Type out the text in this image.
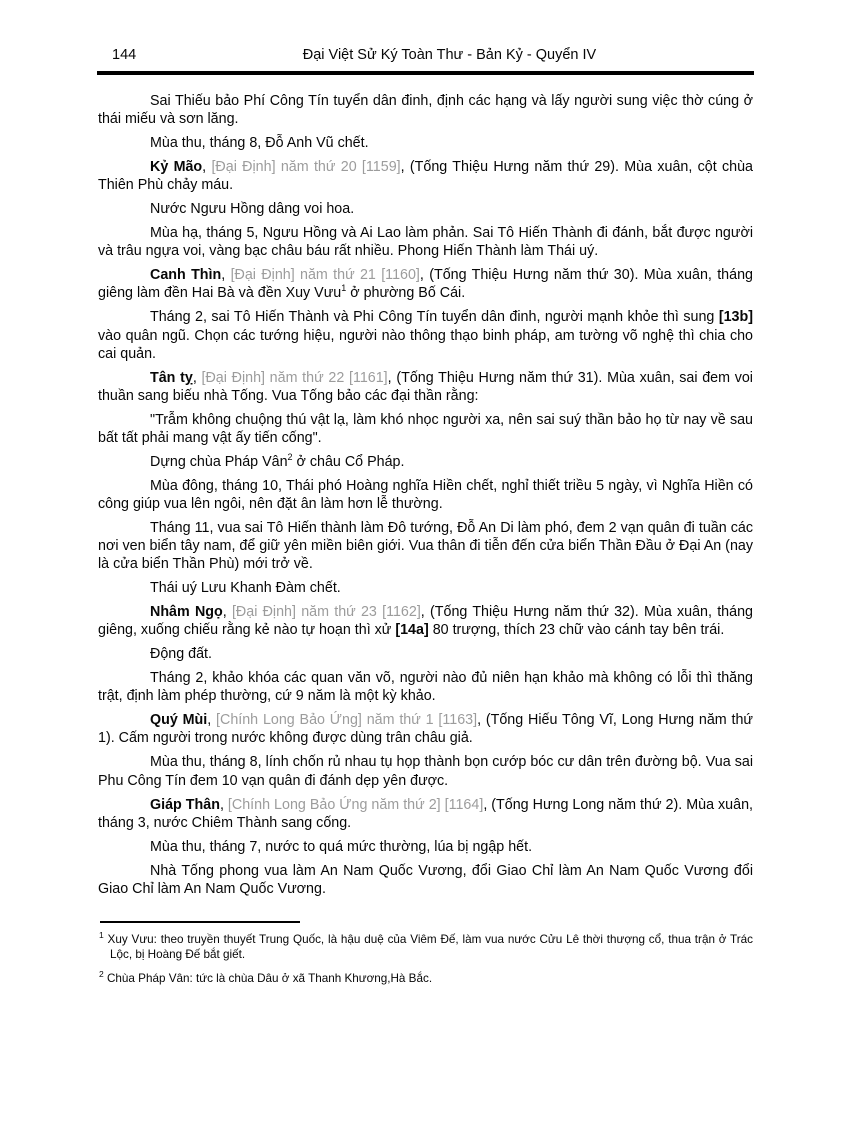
144	Đại Việt Sử Ký Toàn Thư - Bản Kỷ - Quyển IV

Sai Thiếu bảo Phí Công Tín tuyển dân đinh, định các hạng và lấy người sung việc thờ cúng ở thái miếu và sơn lăng.

Mùa thu, tháng 8, Đỗ Anh Vũ chết.

Kỷ Mão, [Đại Định] năm thứ 20 [1159], (Tống Thiệu Hưng năm thứ 29). Mùa xuân, cột chùa Thiên Phù chảy máu.

Nước Ngưu Hồng dâng voi hoa.

Mùa hạ, tháng 5, Ngưu Hồng và Ai Lao làm phản. Sai Tô Hiến Thành đi đánh, bắt được người và trâu ngựa voi, vàng bạc châu báu rất nhiều. Phong Hiến Thành làm Thái uý.

Canh Thìn, [Đại Định] năm thứ 21 [1160], (Tống Thiệu Hưng năm thứ 30). Mùa xuân, tháng giêng làm đền Hai Bà và đền Xuy Vưu$^1$ ở phường Bố Cái.

Tháng 2, sai Tô Hiến Thành và Phi Công Tín tuyển dân đinh, người mạnh khỏe thì sung [13b] vào quân ngũ. Chọn các tướng hiệu, người nào thông thạo binh pháp, am tường võ nghệ thì chia cho cai quản.

Tân tỵ, [Đại Định] năm thứ 22 [1161], (Tống Thiệu Hưng năm thứ 31). Mùa xuân, sai đem voi thuần sang biếu nhà Tống. Vua Tống bảo các đại thần rằng:

"Trẫm không chuộng thú vật lạ, làm khó nhọc người xa, nên sai suý thần bảo họ từ nay về sau bất tất phải mang vật ấy tiến cống".

Dựng chùa Pháp Vân$^2$ ở châu Cổ Pháp.

Mùa đông, tháng 10, Thái phó Hoàng nghĩa Hiền chết, nghỉ thiết triều 5 ngày, vì Nghĩa Hiền có công giúp vua lên ngôi, nên đặt ân làm hơn lễ thường.

Tháng 11, vua sai Tô Hiến thành làm Đô tướng, Đỗ An Di làm phó, đem 2 vạn quân đi tuần các nơi ven biển tây nam, để giữ yên miền biên giới. Vua thân đi tiễn đến cửa biển Thần Đầu ở Đại An (nay là cửa biển Thần Phù) mới trở về.

Thái uý Lưu Khanh Đàm chết.

Nhâm Ngọ, [Đại Định] năm thứ 23 [1162], (Tống Thiệu Hưng năm thứ 32). Mùa xuân, tháng giêng, xuống chiếu rằng kẻ nào tự hoạn thì xử [14a] 80 trượng, thích 23 chữ vào cánh tay bên trái.

Động đất.

Tháng 2, khảo khóa các quan văn võ, người nào đủ niên hạn khảo mà không có lỗi thì thăng trật, định làm phép thường, cứ 9 năm là một kỳ khảo.

Quý Mùi, [Chính Long Bảo Ứng] năm thứ 1 [1163], (Tống Hiếu Tông Vĩ, Long Hưng năm thứ 1). Cấm người trong nước không được dùng trân châu giả.

Mùa thu, tháng 8, lính chốn rủ nhau tụ họp thành bọn cướp bóc cư dân trên đường bộ. Vua sai Phu Công Tín đem 10 vạn quân đi đánh dẹp yên được.

Giáp Thân, [Chính Long Bảo Ứng năm thứ 2] [1164], (Tống Hưng Long năm thứ 2). Mùa xuân, tháng 3, nước Chiêm Thành sang cống.

Mùa thu, tháng 7, nước to quá mức thường, lúa bị ngập hết.

Nhà Tống phong vua làm An Nam Quốc Vương, đổi Giao Chỉ làm An Nam Quốc Vương đổi Giao Chỉ làm An Nam Quốc Vương.

$^1$ Xuy Vưu: theo truyền thuyết Trung Quốc, là hậu duệ của Viêm Đế, làm vua nước Cửu Lê thời thượng cổ, thua trận ở Trác Lộc, bị Hoàng Đế bắt giết.

$^2$ Chùa Pháp Vân: tức là chùa Dâu ở xã Thanh Khương,Hà Bắc.
